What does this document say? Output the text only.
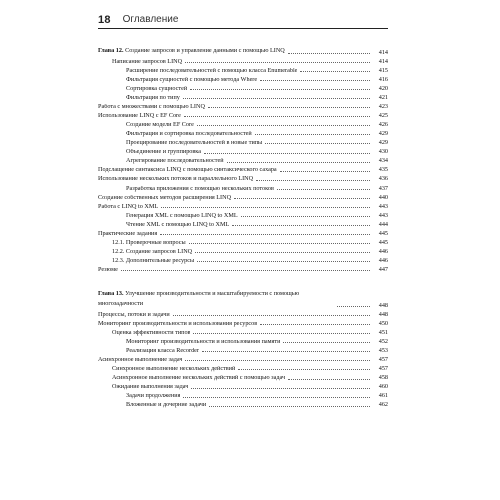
18 Оглавление
Глава 12. Создание запросов и управление данными с помощью LINQ	414
Написание запросов LINQ	414
Расширение последовательностей с помощью класса Enumerable	415
Фильтрация сущностей с помощью метода Where	416
Сортировка сущностей	420
Фильтрация по типу	421
Работа с множествами с помощью LINQ	423
Использование LINQ с EF Core	425
Создание модели EF Core	426
Фильтрация и сортировка последовательностей	429
Проецирование последовательностей в новые типы	429
Объединение и группировка	430
Агрегирование последовательностей	434
Подслащение синтаксиса LINQ с помощью синтаксического сахара	435
Использование нескольких потоков и параллельного LINQ	436
Разработка приложения с помощью нескольких потоков	437
Создание собственных методов расширения LINQ	440
Работа с LINQ to XML	443
Генерация XML с помощью LINQ to XML	443
Чтение XML с помощью LINQ to XML	444
Практические задания	445
12.1. Проверочные вопросы	445
12.2. Создание запросов LINQ	446
12.3. Дополнительные ресурсы	446
Резюме	447
Глава 13. Улучшение производительности и масштабируемости с помощью многозадачности	448
Процессы, потоки и задачи	448
Мониторинг производительности и использования ресурсов	450
Оценка эффективности типов	451
Мониторинг производительности и использования памяти	452
Реализация класса Recorder	453
Асинхронное выполнение задач	457
Синхронное выполнение нескольких действий	457
Асинхронное выполнение нескольких действий с помощью задач	458
Ожидание выполнения задач	460
Задачи продолжения	461
Вложенные и дочерние задачи	462
